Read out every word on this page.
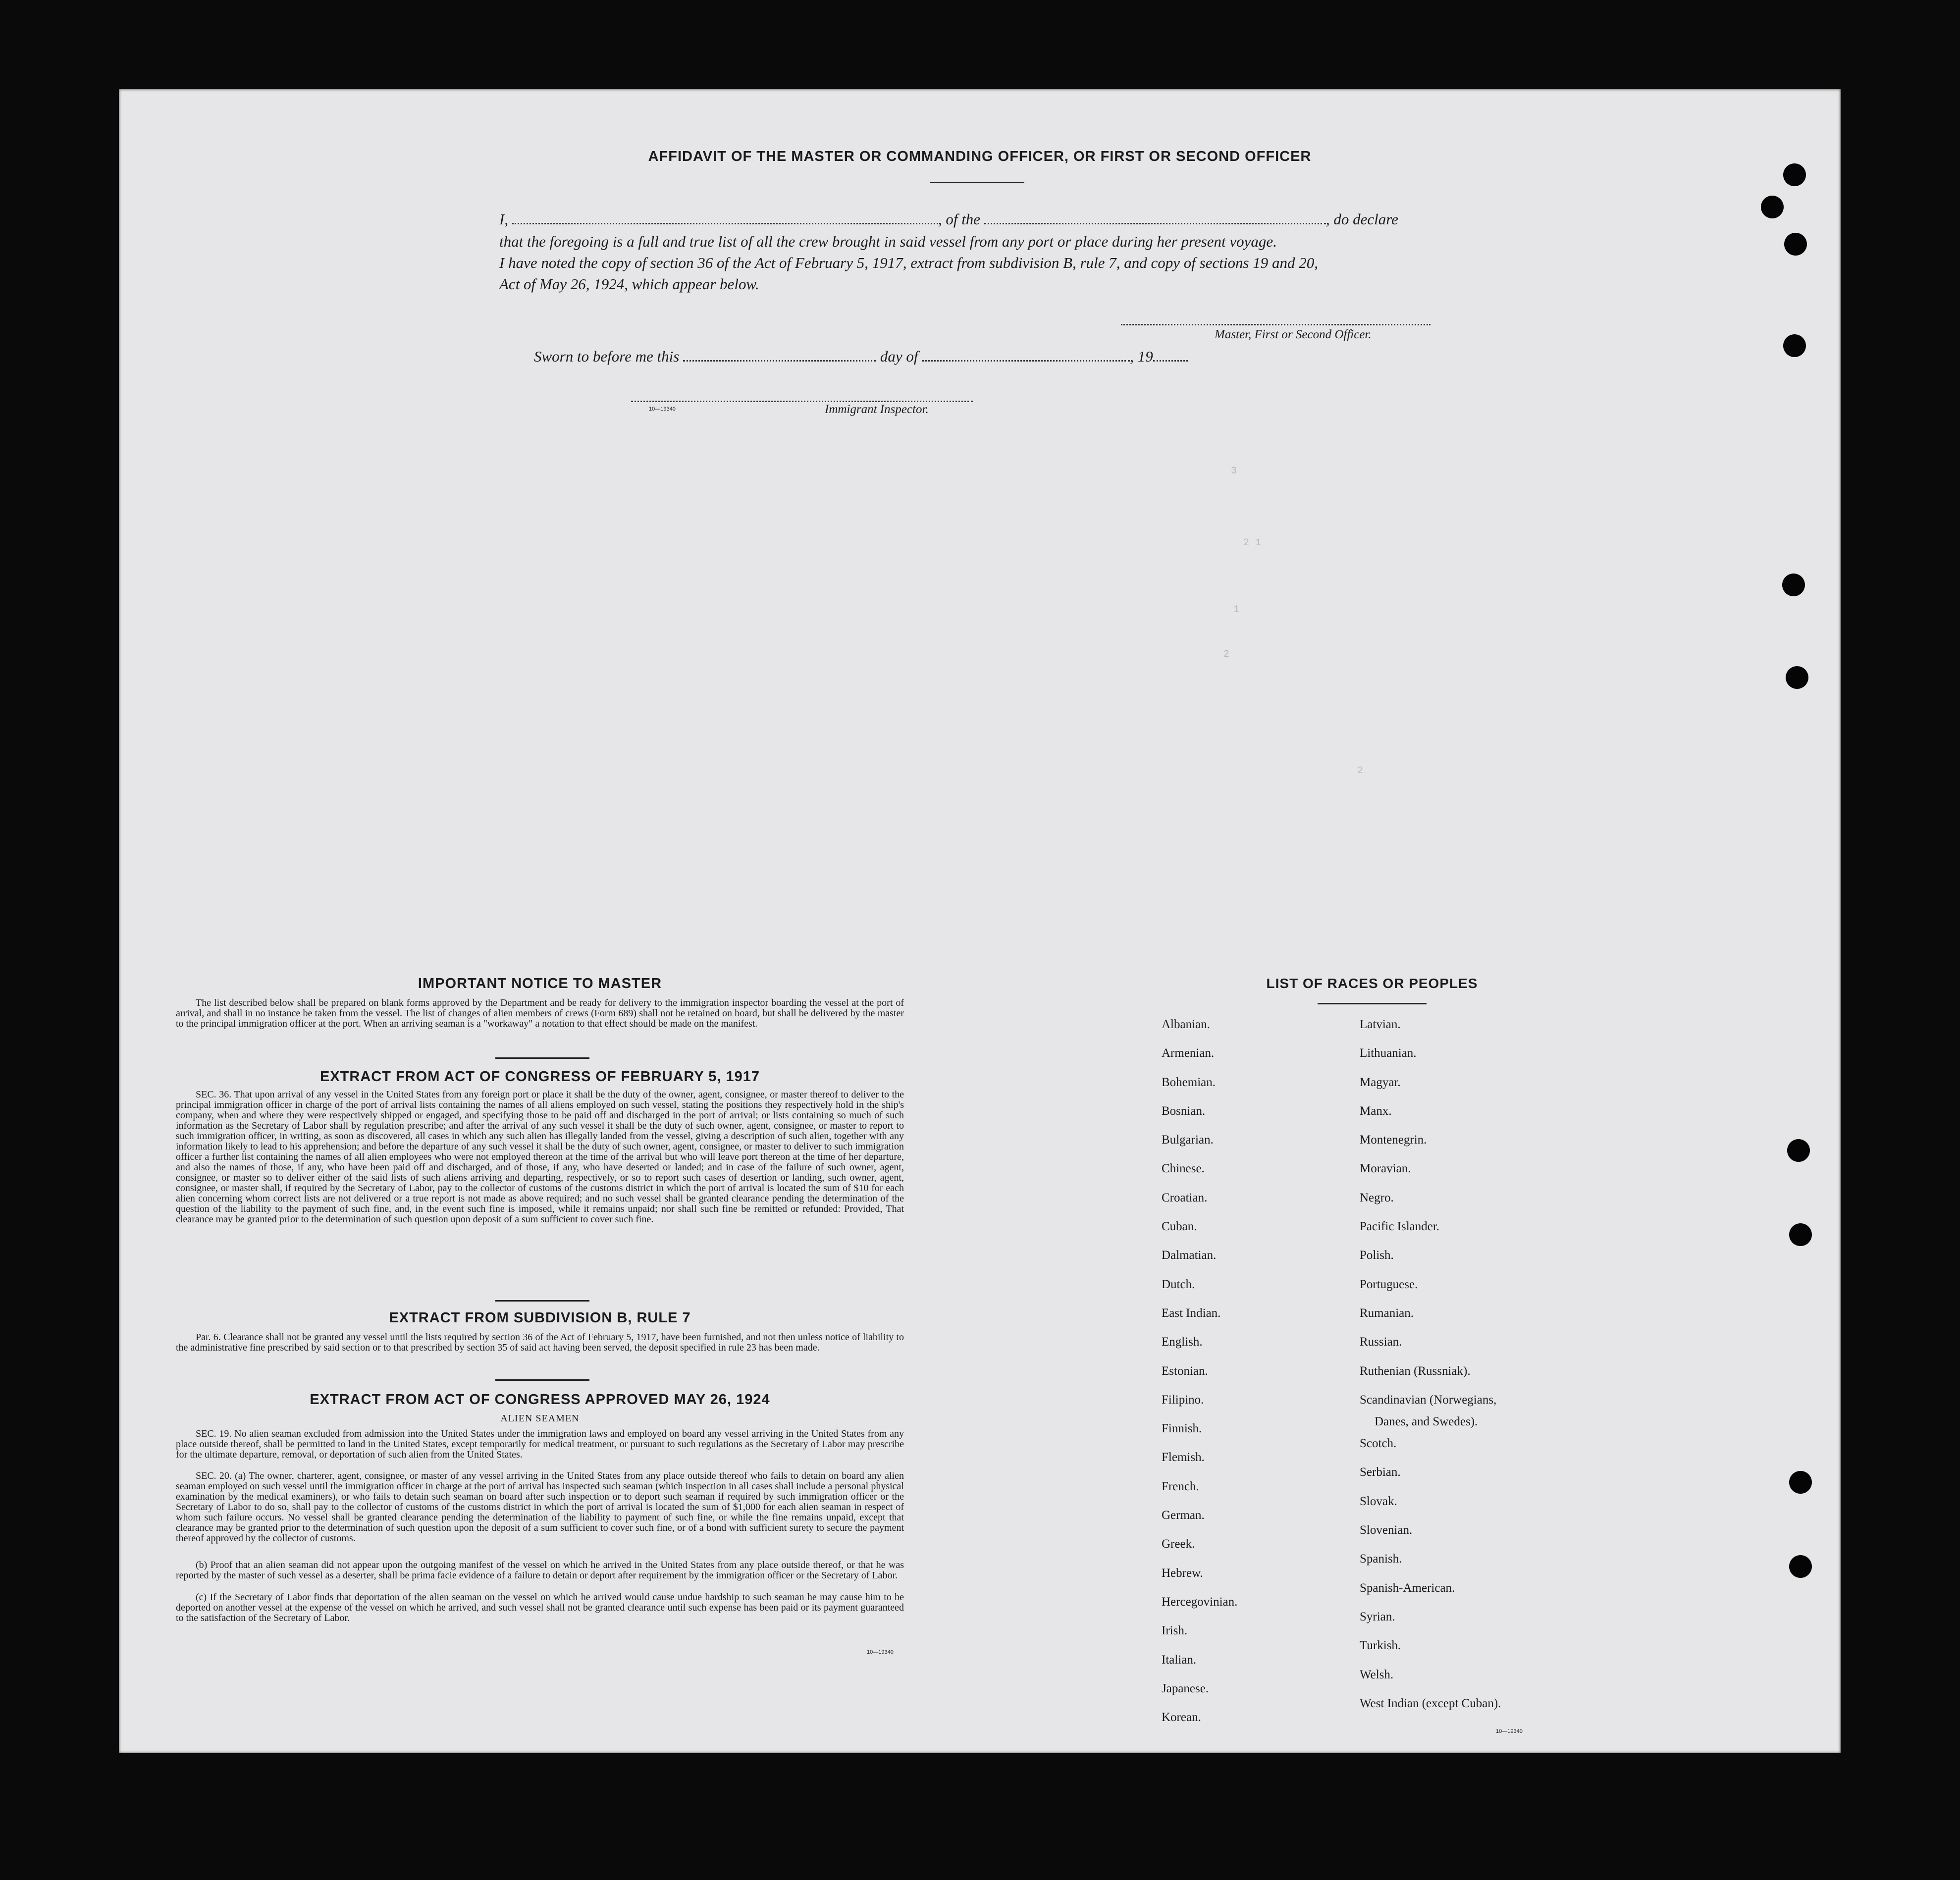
AFFIDAVIT OF THE MASTER OR COMMANDING OFFICER, OR FIRST OR SECOND OFFICER
I,	, of the	, do declare
that the foregoing is a full and true list of all the crew brought in said vessel from any port or place during her present voyage.
I have noted the copy of section 36 of the Act of February 5, 1917, extract from subdivision B, rule 7, and copy of sections 19 and 20,
Act of May 26, 1924, which appear below.
Master, First or Second Officer.
Sworn to before me this	day of	, 19
10—19340	Immigrant Inspector.
3
2 1
1
2
2
IMPORTANT NOTICE TO MASTER
The list described below shall be prepared on blank forms approved by the Department and be ready for delivery to the immigration inspector boarding the vessel at the port of arrival, and shall in no instance be taken from the vessel. The list of changes of alien members of crews (Form 689) shall not be retained on board, but shall be delivered by the master to the principal immigration officer at the port. When an arriving seaman is a "workaway" a notation to that effect should be made on the manifest.
EXTRACT FROM ACT OF CONGRESS OF FEBRUARY 5, 1917
SEC. 36. That upon arrival of any vessel in the United States from any foreign port or place it shall be the duty of the owner, agent, consignee, or master thereof to deliver to the principal immigration officer in charge of the port of arrival lists containing the names of all aliens employed on such vessel, stating the positions they respectively hold in the ship's company, when and where they were respectively shipped or engaged, and specifying those to be paid off and discharged in the port of arrival; or lists containing so much of such information as the Secretary of Labor shall by regulation prescribe; and after the arrival of any such vessel it shall be the duty of such owner, agent, consignee, or master to report to such immigration officer, in writing, as soon as discovered, all cases in which any such alien has illegally landed from the vessel, giving a description of such alien, together with any information likely to lead to his apprehension; and before the departure of any such vessel it shall be the duty of such owner, agent, consignee, or master to deliver to such immigration officer a further list containing the names of all alien employees who were not employed thereon at the time of the arrival but who will leave port thereon at the time of her departure, and also the names of those, if any, who have been paid off and discharged, and of those, if any, who have deserted or landed; and in case of the failure of such owner, agent, consignee, or master so to deliver either of the said lists of such aliens arriving and departing, respectively, or so to report such cases of desertion or landing, such owner, agent, consignee, or master shall, if required by the Secretary of Labor, pay to the collector of customs of the customs district in which the port of arrival is located the sum of $10 for each alien concerning whom correct lists are not delivered or a true report is not made as above required; and no such vessel shall be granted clearance pending the determination of the question of the liability to the payment of such fine, and, in the event such fine is imposed, while it remains unpaid; nor shall such fine be remitted or refunded: Provided, That clearance may be granted prior to the determination of such question upon deposit of a sum sufficient to cover such fine.
EXTRACT FROM SUBDIVISION B, RULE 7
Par. 6. Clearance shall not be granted any vessel until the lists required by section 36 of the Act of February 5, 1917, have been furnished, and not then unless notice of liability to the administrative fine prescribed by said section or to that prescribed by section 35 of said act having been served, the deposit specified in rule 23 has been made.
EXTRACT FROM ACT OF CONGRESS APPROVED MAY 26, 1924
ALIEN SEAMEN
SEC. 19. No alien seaman excluded from admission into the United States under the immigration laws and employed on board any vessel arriving in the United States from any place outside thereof, shall be permitted to land in the United States, except temporarily for medical treatment, or pursuant to such regulations as the Secretary of Labor may prescribe for the ultimate departure, removal, or deportation of such alien from the United States.
SEC. 20. (a) The owner, charterer, agent, consignee, or master of any vessel arriving in the United States from any place outside thereof who fails to detain on board any alien seaman employed on such vessel until the immigration officer in charge at the port of arrival has inspected such seaman (which inspection in all cases shall include a personal physical examination by the medical examiners), or who fails to detain such seaman on board after such inspection or to deport such seaman if required by such immigration officer or the Secretary of Labor to do so, shall pay to the collector of customs of the customs district in which the port of arrival is located the sum of $1,000 for each alien seaman in respect of whom such failure occurs. No vessel shall be granted clearance pending the determination of the liability to payment of such fine, or while the fine remains unpaid, except that clearance may be granted prior to the determination of such question upon the deposit of a sum sufficient to cover such fine, or of a bond with sufficient surety to secure the payment thereof approved by the collector of customs.
(b) Proof that an alien seaman did not appear upon the outgoing manifest of the vessel on which he arrived in the United States from any place outside thereof, or that he was reported by the master of such vessel as a deserter, shall be prima facie evidence of a failure to detain or deport after requirement by the immigration officer or the Secretary of Labor.
(c) If the Secretary of Labor finds that deportation of the alien seaman on the vessel on which he arrived would cause undue hardship to such seaman he may cause him to be deported on another vessel at the expense of the vessel on which he arrived, and such vessel shall not be granted clearance until such expense has been paid or its payment guaranteed to the satisfaction of the Secretary of Labor.
10—19340
LIST OF RACES OR PEOPLES
Albanian.
Armenian.
Bohemian.
Bosnian.
Bulgarian.
Chinese.
Croatian.
Cuban.
Dalmatian.
Dutch.
East Indian.
English.
Estonian.
Filipino.
Finnish.
Flemish.
French.
German.
Greek.
Hebrew.
Hercegovinian.
Irish.
Italian.
Japanese.
Korean.
Latvian.
Lithuanian.
Magyar.
Manx.
Montenegrin.
Moravian.
Negro.
Pacific Islander.
Polish.
Portuguese.
Rumanian.
Russian.
Ruthenian (Russniak).
Scandinavian (Norwegians,
Danes, and Swedes).
Scotch.
Serbian.
Slovak.
Slovenian.
Spanish.
Spanish-American.
Syrian.
Turkish.
Welsh.
West Indian (except Cuban).
10—19340
